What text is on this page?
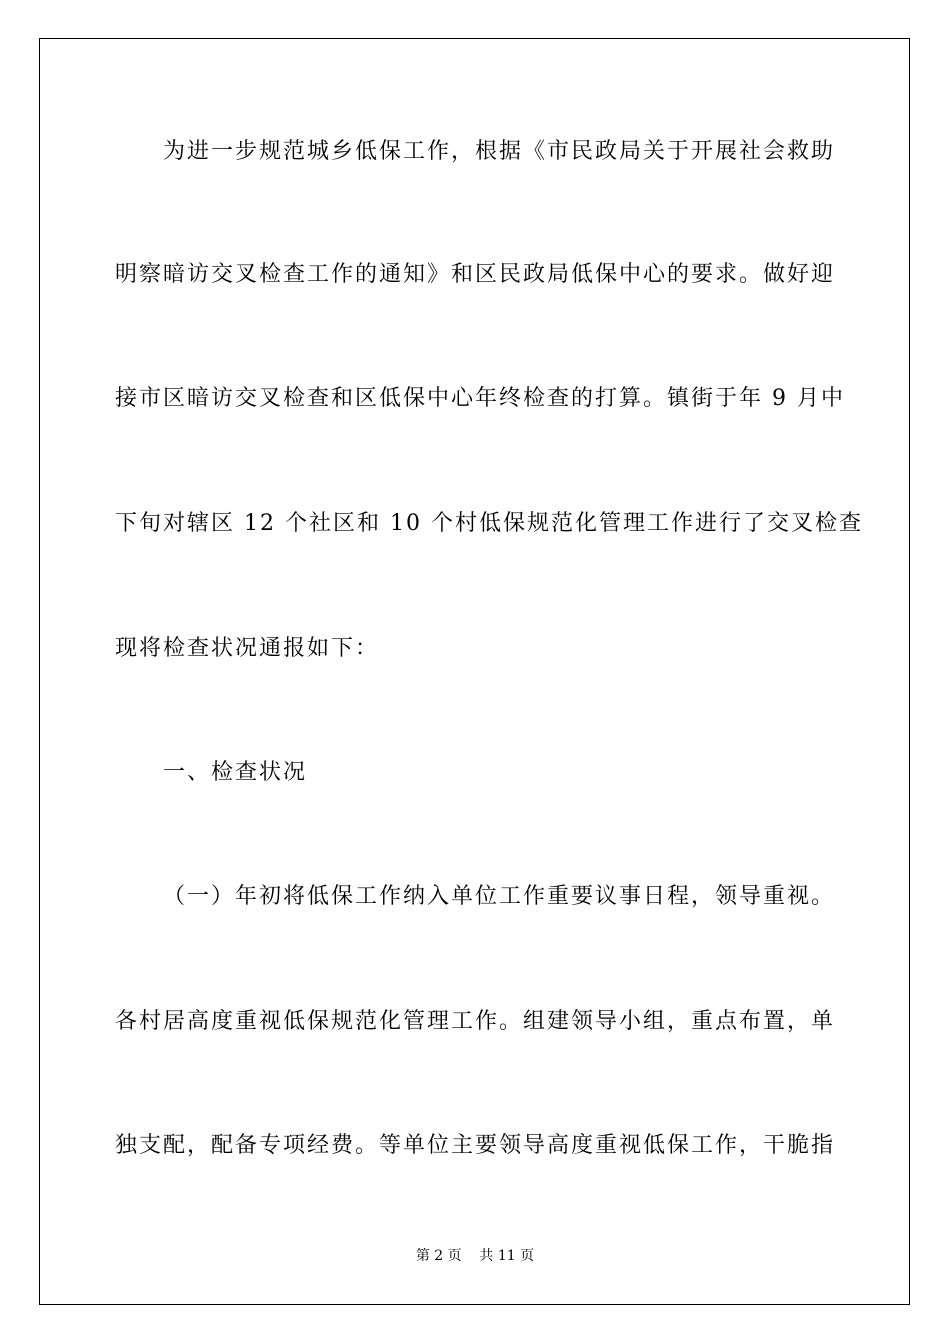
为进一步规范城乡低保工作，根据《市民政局关于开展社会救助
明察暗访交叉检查工作的通知》和区民政局低保中心的要求。做好迎
接市区暗访交叉检查和区低保中心年终检查的打算。镇街于年 9 月中
下旬对辖区 12 个社区和 10 个村低保规范化管理工作进行了交叉检查
现将检查状况通报如下：
一、检查状况
（一）年初将低保工作纳入单位工作重要议事日程，领导重视。
各村居高度重视低保规范化管理工作。组建领导小组，重点布置，单
独支配，配备专项经费。等单位主要领导高度重视低保工作，干脆指
第 2 页    共 11 页
